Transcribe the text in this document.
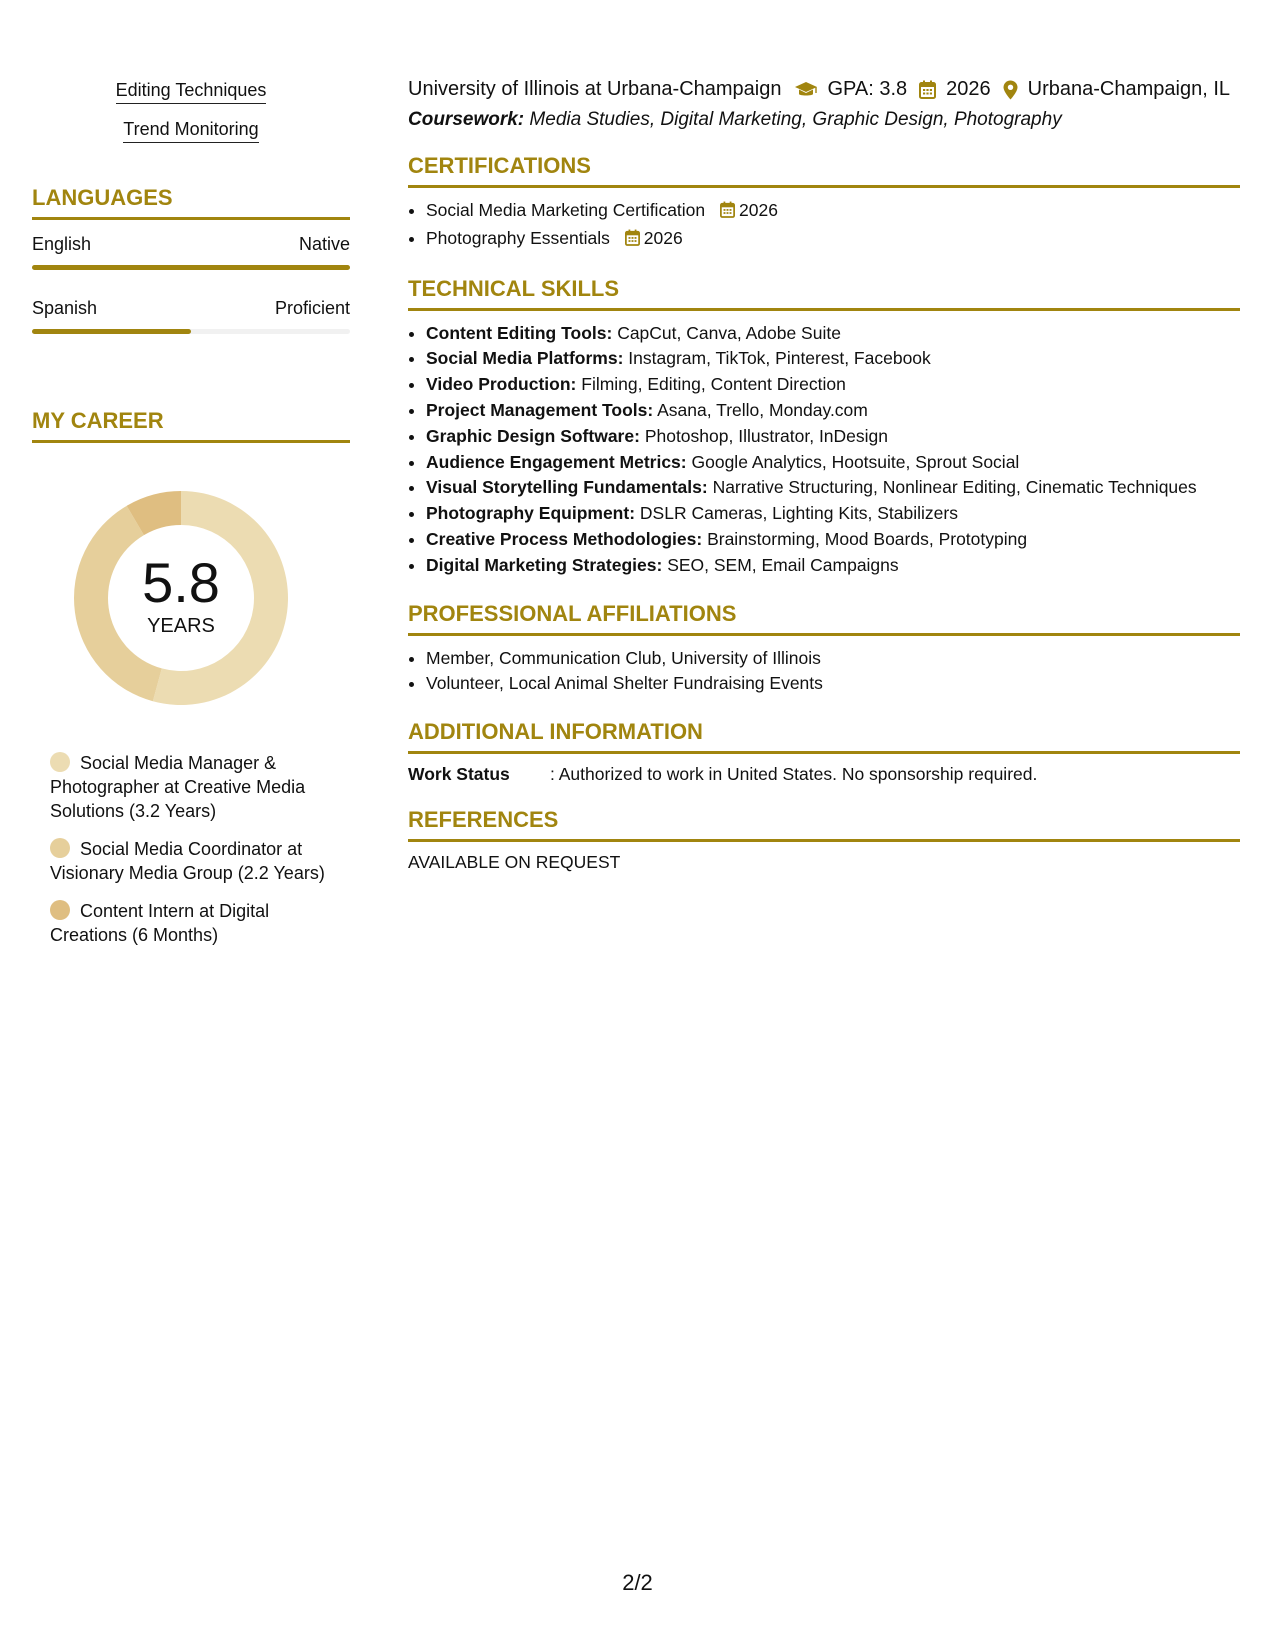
Editing Techniques
Trend Monitoring
LANGUAGES
English	Native
Spanish	Proficient
MY CAREER
5.8
YEARS
Social Media Manager & Photographer at Creative Media Solutions (3.2 Years)
Social Media Coordinator at Visionary Media Group (2.2 Years)
Content Intern at Digital Creations (6 Months)
University of Illinois at Urbana-Champaign GPA: 3.8 2026 Urbana-Champaign, IL
Coursework: Media Studies, Digital Marketing, Graphic Design, Photography
CERTIFICATIONS
• Social Media Marketing Certification 2026
• Photography Essentials 2026
TECHNICAL SKILLS
• Content Editing Tools: CapCut, Canva, Adobe Suite
• Social Media Platforms: Instagram, TikTok, Pinterest, Facebook
• Video Production: Filming, Editing, Content Direction
• Project Management Tools: Asana, Trello, Monday.com
• Graphic Design Software: Photoshop, Illustrator, InDesign
• Audience Engagement Metrics: Google Analytics, Hootsuite, Sprout Social
• Visual Storytelling Fundamentals: Narrative Structuring, Nonlinear Editing, Cinematic Techniques
• Photography Equipment: DSLR Cameras, Lighting Kits, Stabilizers
• Creative Process Methodologies: Brainstorming, Mood Boards, Prototyping
• Digital Marketing Strategies: SEO, SEM, Email Campaigns
PROFESSIONAL AFFILIATIONS
• Member, Communication Club, University of Illinois
• Volunteer, Local Animal Shelter Fundraising Events
ADDITIONAL INFORMATION
Work Status	: Authorized to work in United States. No sponsorship required.
REFERENCES
AVAILABLE ON REQUEST
2/2
